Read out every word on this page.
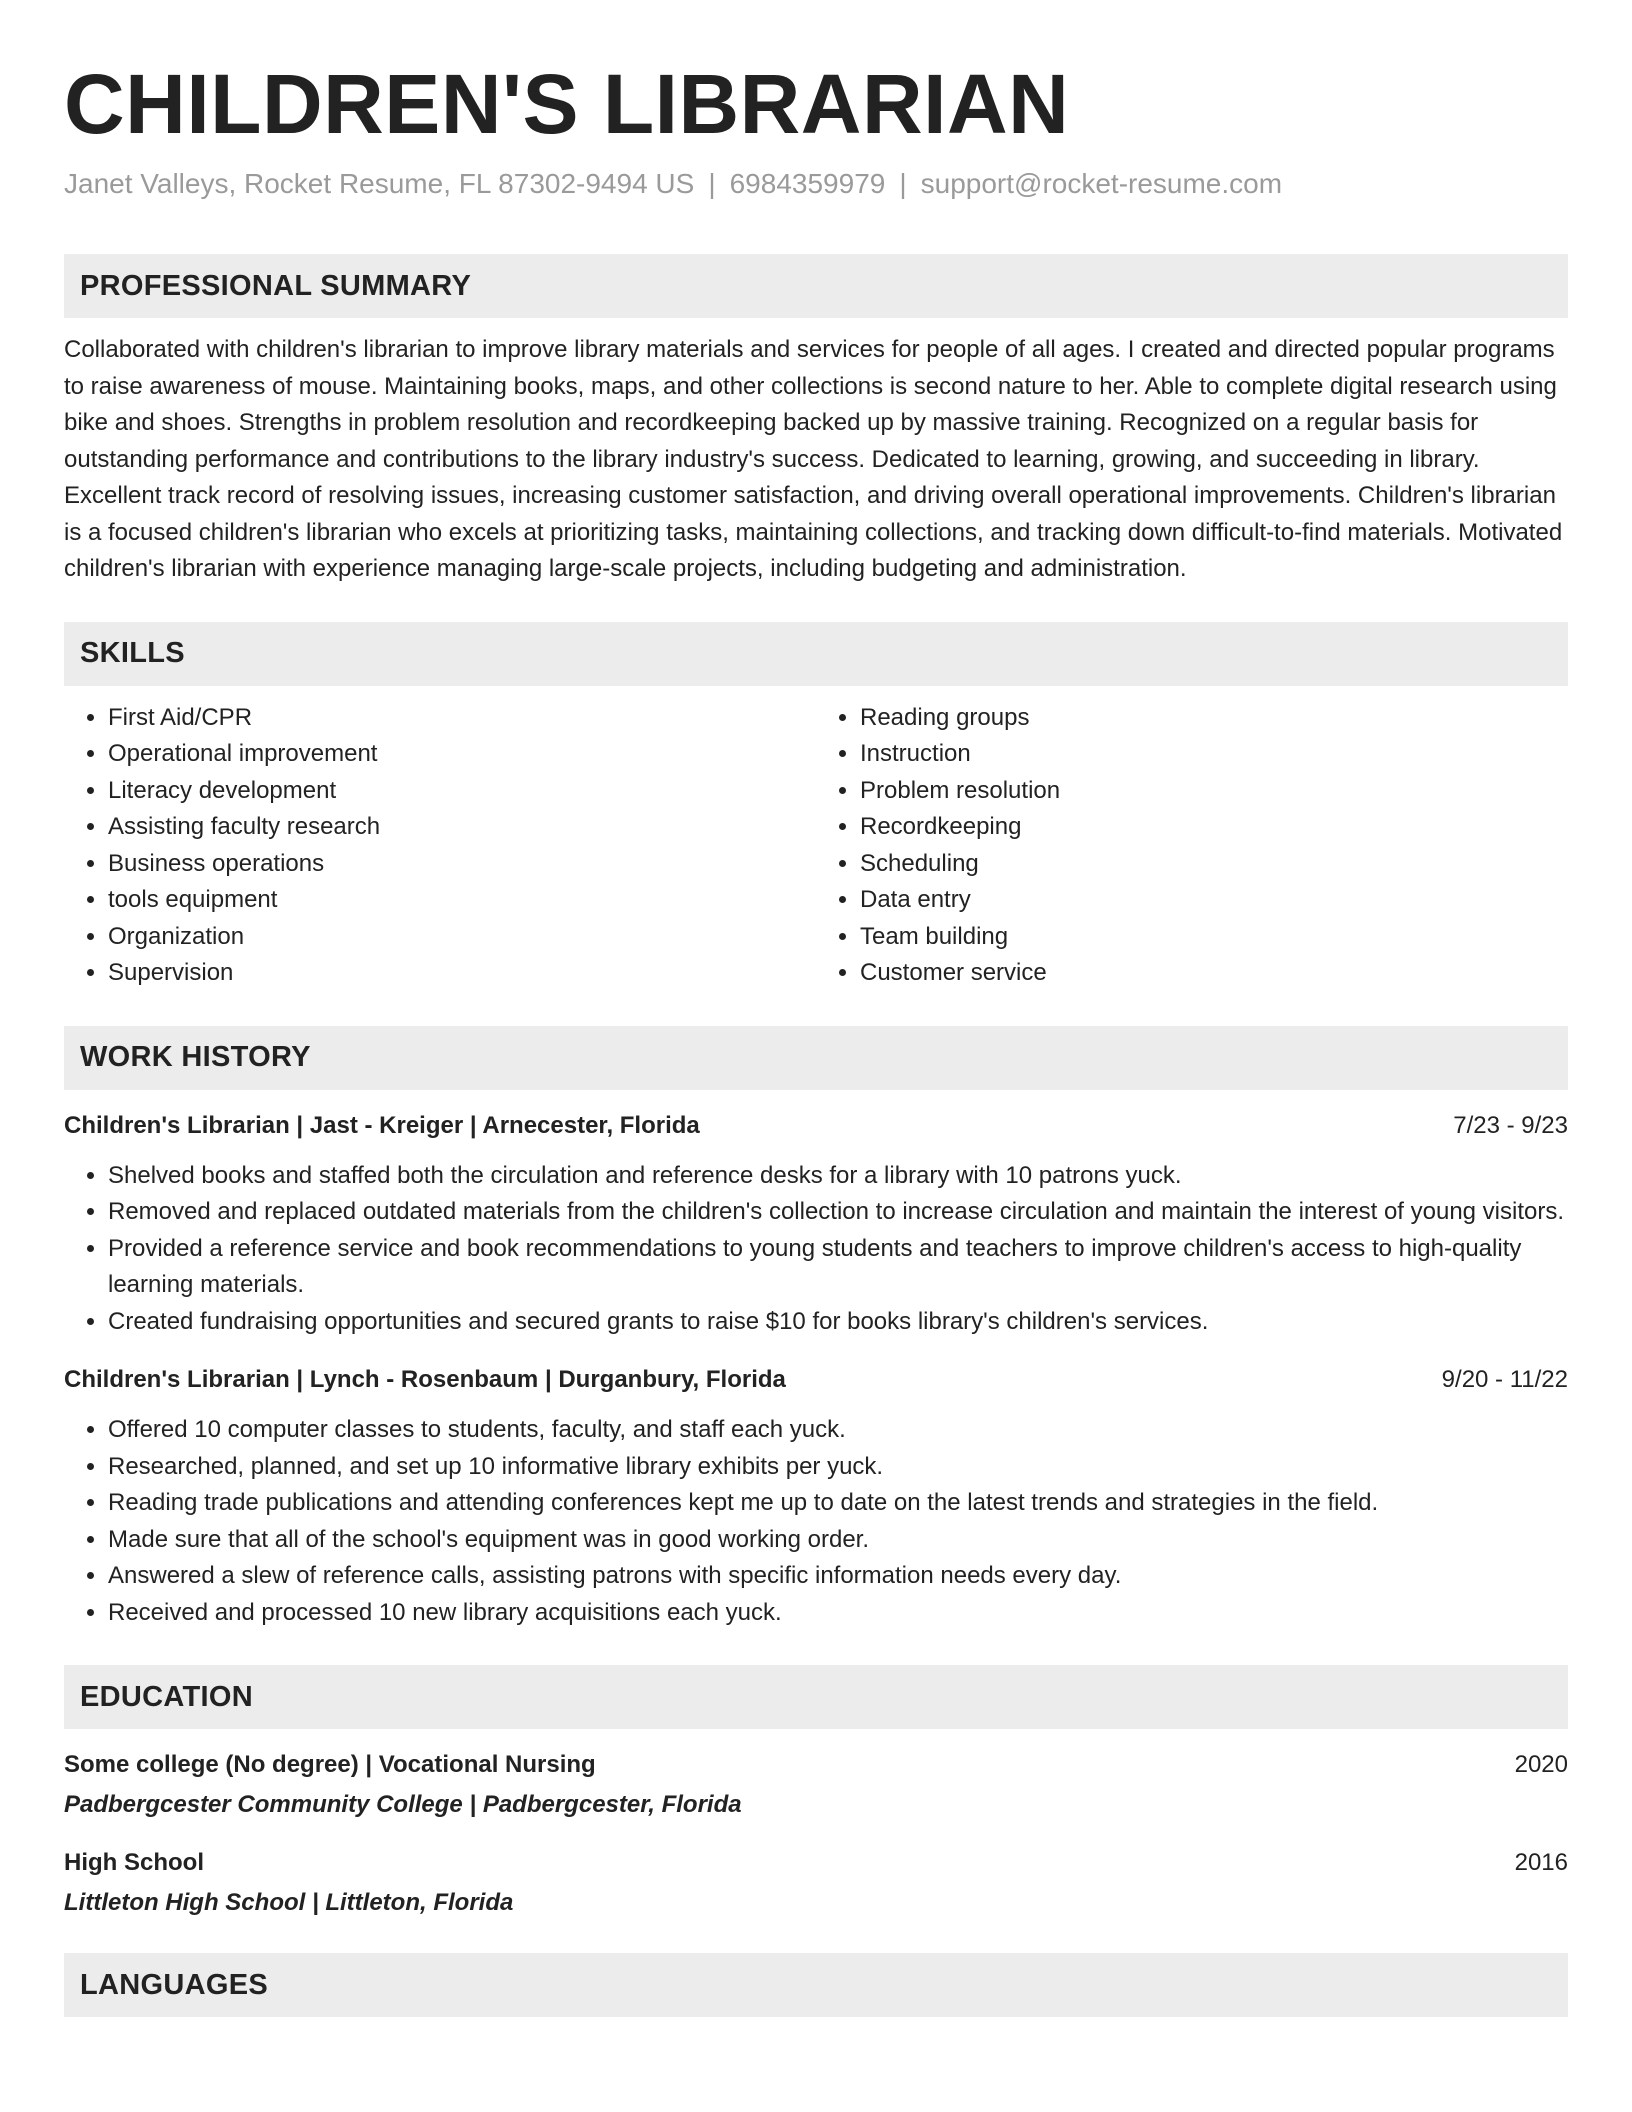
CHILDREN'S LIBRARIAN
Janet Valleys, Rocket Resume, FL 87302-9494 US | 6984359979 | support@rocket-resume.com
PROFESSIONAL SUMMARY
Collaborated with children's librarian to improve library materials and services for people of all ages. I created and directed popular programs to raise awareness of mouse. Maintaining books, maps, and other collections is second nature to her. Able to complete digital research using bike and shoes. Strengths in problem resolution and recordkeeping backed up by massive training. Recognized on a regular basis for outstanding performance and contributions to the library industry's success. Dedicated to learning, growing, and succeeding in library. Excellent track record of resolving issues, increasing customer satisfaction, and driving overall operational improvements. Children's librarian is a focused children's librarian who excels at prioritizing tasks, maintaining collections, and tracking down difficult-to-find materials. Motivated children's librarian with experience managing large-scale projects, including budgeting and administration.
SKILLS
• First Aid/CPR
• Operational improvement
• Literacy development
• Assisting faculty research
• Business operations
• tools equipment
• Organization
• Supervision
• Reading groups
• Instruction
• Problem resolution
• Recordkeeping
• Scheduling
• Data entry
• Team building
• Customer service
WORK HISTORY
Children's Librarian | Jast - Kreiger | Arnecester, Florida	7/23 - 9/23
• Shelved books and staffed both the circulation and reference desks for a library with 10 patrons yuck.
• Removed and replaced outdated materials from the children's collection to increase circulation and maintain the interest of young visitors.
• Provided a reference service and book recommendations to young students and teachers to improve children's access to high-quality learning materials.
• Created fundraising opportunities and secured grants to raise $10 for books library's children's services.
Children's Librarian | Lynch - Rosenbaum | Durganbury, Florida	9/20 - 11/22
• Offered 10 computer classes to students, faculty, and staff each yuck.
• Researched, planned, and set up 10 informative library exhibits per yuck.
• Reading trade publications and attending conferences kept me up to date on the latest trends and strategies in the field.
• Made sure that all of the school's equipment was in good working order.
• Answered a slew of reference calls, assisting patrons with specific information needs every day.
• Received and processed 10 new library acquisitions each yuck.
EDUCATION
Some college (No degree) | Vocational Nursing	2020
Padbergcester Community College | Padbergcester, Florida
High School	2016
Littleton High School | Littleton, Florida
LANGUAGES
